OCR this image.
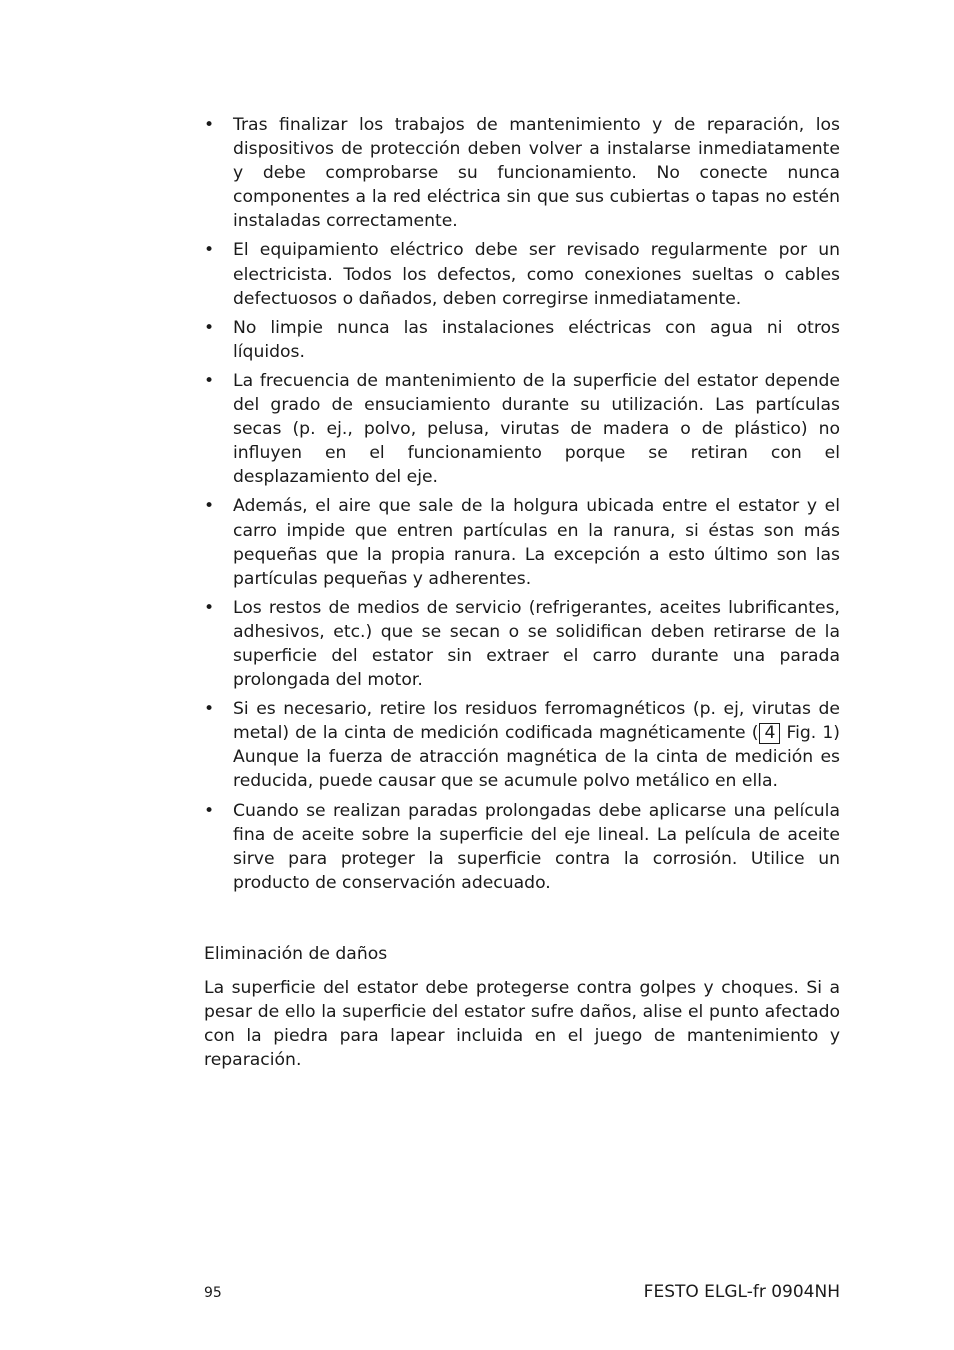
• Tras finalizar los trabajos de mantenimiento y de reparación, los dispositivos de protección deben volver a instalarse inmediatamente y debe comprobarse su funcionamiento. No conecte nunca componentes a la red eléctrica sin que sus cubiertas o tapas no estén instaladas correctamente.
• El equipamiento eléctrico debe ser revisado regularmente por un electricista. Todos los defectos, como conexiones sueltas o cables defectuosos o dañados, deben corregirse inmediatamente.
• No limpie nunca las instalaciones eléctricas con agua ni otros líquidos.
• La frecuencia de mantenimiento de la superficie del estator depende del grado de ensuciamiento durante su utilización. Las partículas secas (p. ej., polvo, pelusa, virutas de madera o de plástico) no influyen en el funcionamiento porque se retiran con el desplazamiento del eje.
• Además, el aire que sale de la holgura ubicada entre el estator y el carro impide que entren partículas en la ranura, si éstas son más pequeñas que la propia ranura. La excepción a esto último son las partículas pequeñas y adherentes.
• Los restos de medios de servicio (refrigerantes, aceites lubrificantes, adhesivos, etc.) que se secan o se solidifican deben retirarse de la superficie del estator sin extraer el carro durante una parada prolongada del motor.
• Si es necesario, retire los residuos ferromagnéticos (p. ej, virutas de metal) de la cinta de medición codificada magnéticamente ( 4 Fig. 1) Aunque la fuerza de atracción magnética de la cinta de medición es reducida, puede causar que se acumule polvo metálico en ella.
• Cuando se realizan paradas prolongadas debe aplicarse una película fina de aceite sobre la superficie del eje lineal. La película de aceite sirve para proteger la superficie contra la corrosión. Utilice un producto de conservación adecuado.
Eliminación de daños

La superficie del estator debe protegerse contra golpes y choques. Si a pesar de ello la superficie del estator sufre daños, alise el punto afectado con la piedra para lapear incluida en el juego de mantenimiento y reparación.

95	FESTO ELGL-fr 0904NH
